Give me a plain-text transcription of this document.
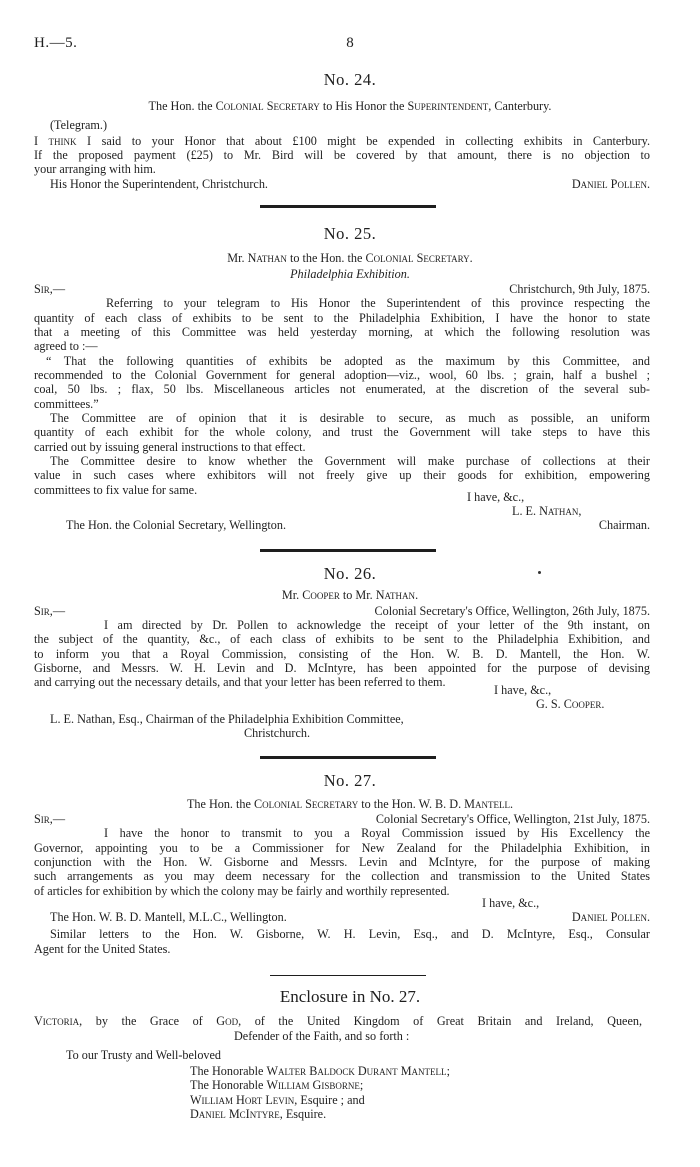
H.—5.	8
No. 24.
The Hon. the Colonial Secretary to His Honor the Superintendent, Canterbury.
(Telegram.)
I think I said to your Honor that about £100 might be expended in collecting exhibits in Canterbury.
If the proposed payment (£25) to Mr. Bird will be covered by that amount, there is no objection to
your arranging with him.
His Honor the Superintendent, Christchurch.	Daniel Pollen.
No. 25.
Mr. Nathan to the Hon. the Colonial Secretary.
Philadelphia Exhibition.
Sir,—	Christchurch, 9th July, 1875.
Referring to your telegram to His Honor the Superintendent of this province respecting the
quantity of each class of exhibits to be sent to the Philadelphia Exhibition, I have the honor to state
that a meeting of this Committee was held yesterday morning, at which the following resolution was
agreed to :—
“ That the following quantities of exhibits be adopted as the maximum by this Committee, and
recommended to the Colonial Government for general adoption—viz., wool, 60 lbs. ; grain, half a bushel ;
coal, 50 lbs. ; flax, 50 lbs. Miscellaneous articles not enumerated, at the discretion of the several sub-
committees.”
The Committee are of opinion that it is desirable to secure, as much as possible, an uniform
quantity of each exhibit for the whole colony, and trust the Government will take steps to have this
carried out by issuing general instructions to that effect.
The Committee desire to know whether the Government will make purchase of collections at their
value in such cases where exhibitors will not freely give up their goods for exhibition, empowering
committees to fix value for same.	I have, &c.,
L. E. Nathan,
The Hon. the Colonial Secretary, Wellington.	Chairman.
No. 26.
Mr. Cooper to Mr. Nathan.
Sir,—	Colonial Secretary's Office, Wellington, 26th July, 1875.
I am directed by Dr. Pollen to acknowledge the receipt of your letter of the 9th instant, on
the subject of the quantity, &c., of each class of exhibits to be sent to the Philadelphia Exhibition, and
to inform you that a Royal Commission, consisting of the Hon. W. B. D. Mantell, the Hon. W.
Gisborne, and Messrs. W. H. Levin and D. McIntyre, has been appointed for the purpose of devising
and carrying out the necessary details, and that your letter has been referred to them.
I have, &c.,
G. S. Cooper.
L. E. Nathan, Esq., Chairman of the Philadelphia Exhibition Committee,
Christchurch.
No. 27.
The Hon. the Colonial Secretary to the Hon. W. B. D. Mantell.
Sir,—	Colonial Secretary's Office, Wellington, 21st July, 1875.
I have the honor to transmit to you a Royal Commission issued by His Excellency the
Governor, appointing you to be a Commissioner for New Zealand for the Philadelphia Exhibition, in
conjunction with the Hon. W. Gisborne and Messrs. Levin and McIntyre, for the purpose of making
such arrangements as you may deem necessary for the collection and transmission to the United States
of articles for exhibition by which the colony may be fairly and worthily represented.
I have, &c.,
The Hon. W. B. D. Mantell, M.L.C., Wellington.	Daniel Pollen.
Similar letters to the Hon. W. Gisborne, W. H. Levin, Esq., and D. McIntyre, Esq., Consular
Agent for the United States.
Enclosure in No. 27.
Victoria, by the Grace of God, of the United Kingdom of Great Britain and Ireland, Queen,
Defender of the Faith, and so forth :
To our Trusty and Well-beloved
The Honorable Walter Baldock Durant Mantell;
The Honorable William Gisborne;
William Hort Levin, Esquire ; and
Daniel McIntyre, Esquire.
